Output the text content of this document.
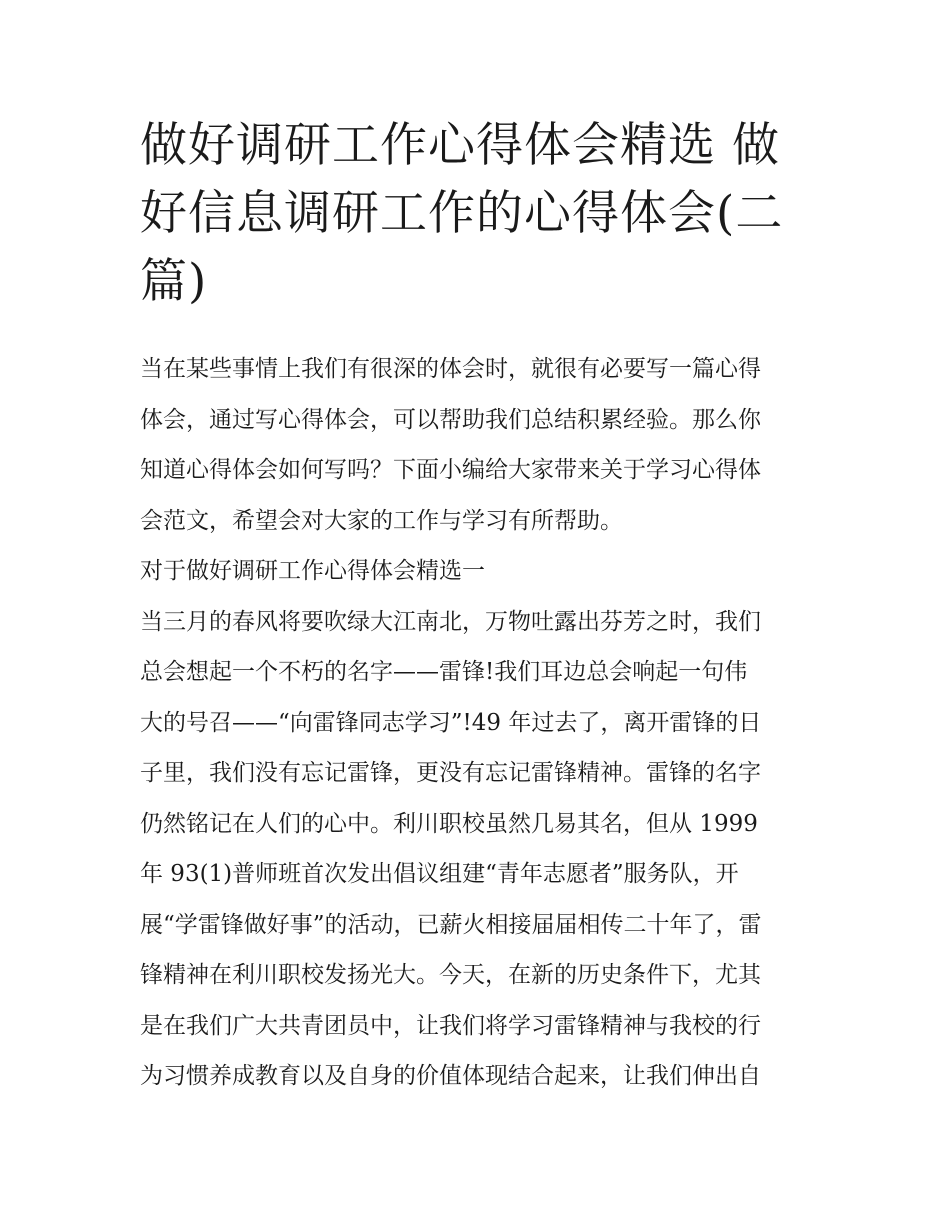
做好调研工作心得体会精选 做
好信息调研工作的心得体会(二
篇)

当在某些事情上我们有很深的体会时，就很有必要写一篇心得

体会，通过写心得体会，可以帮助我们总结积累经验。那么你

知道心得体会如何写吗？下面小编给大家带来关于学习心得体

会范文，希望会对大家的工作与学习有所帮助。

对于做好调研工作心得体会精选一

当三月的春风将要吹绿大江南北，万物吐露出芬芳之时，我们

总会想起一个不朽的名字——雷锋!我们耳边总会响起一句伟

大的号召——“向雷锋同志学习”!49 年过去了，离开雷锋的日

子里，我们没有忘记雷锋，更没有忘记雷锋精神。雷锋的名字

仍然铭记在人们的心中。利川职校虽然几易其名，但从 1999

年 93(1)普师班首次发出倡议组建“青年志愿者”服务队，开

展“学雷锋做好事”的活动，已薪火相接届届相传二十年了，雷

锋精神在利川职校发扬光大。今天，在新的历史条件下，尤其

是在我们广大共青团员中，让我们将学习雷锋精神与我校的行

为习惯养成教育以及自身的价值体现结合起来，让我们伸出自
